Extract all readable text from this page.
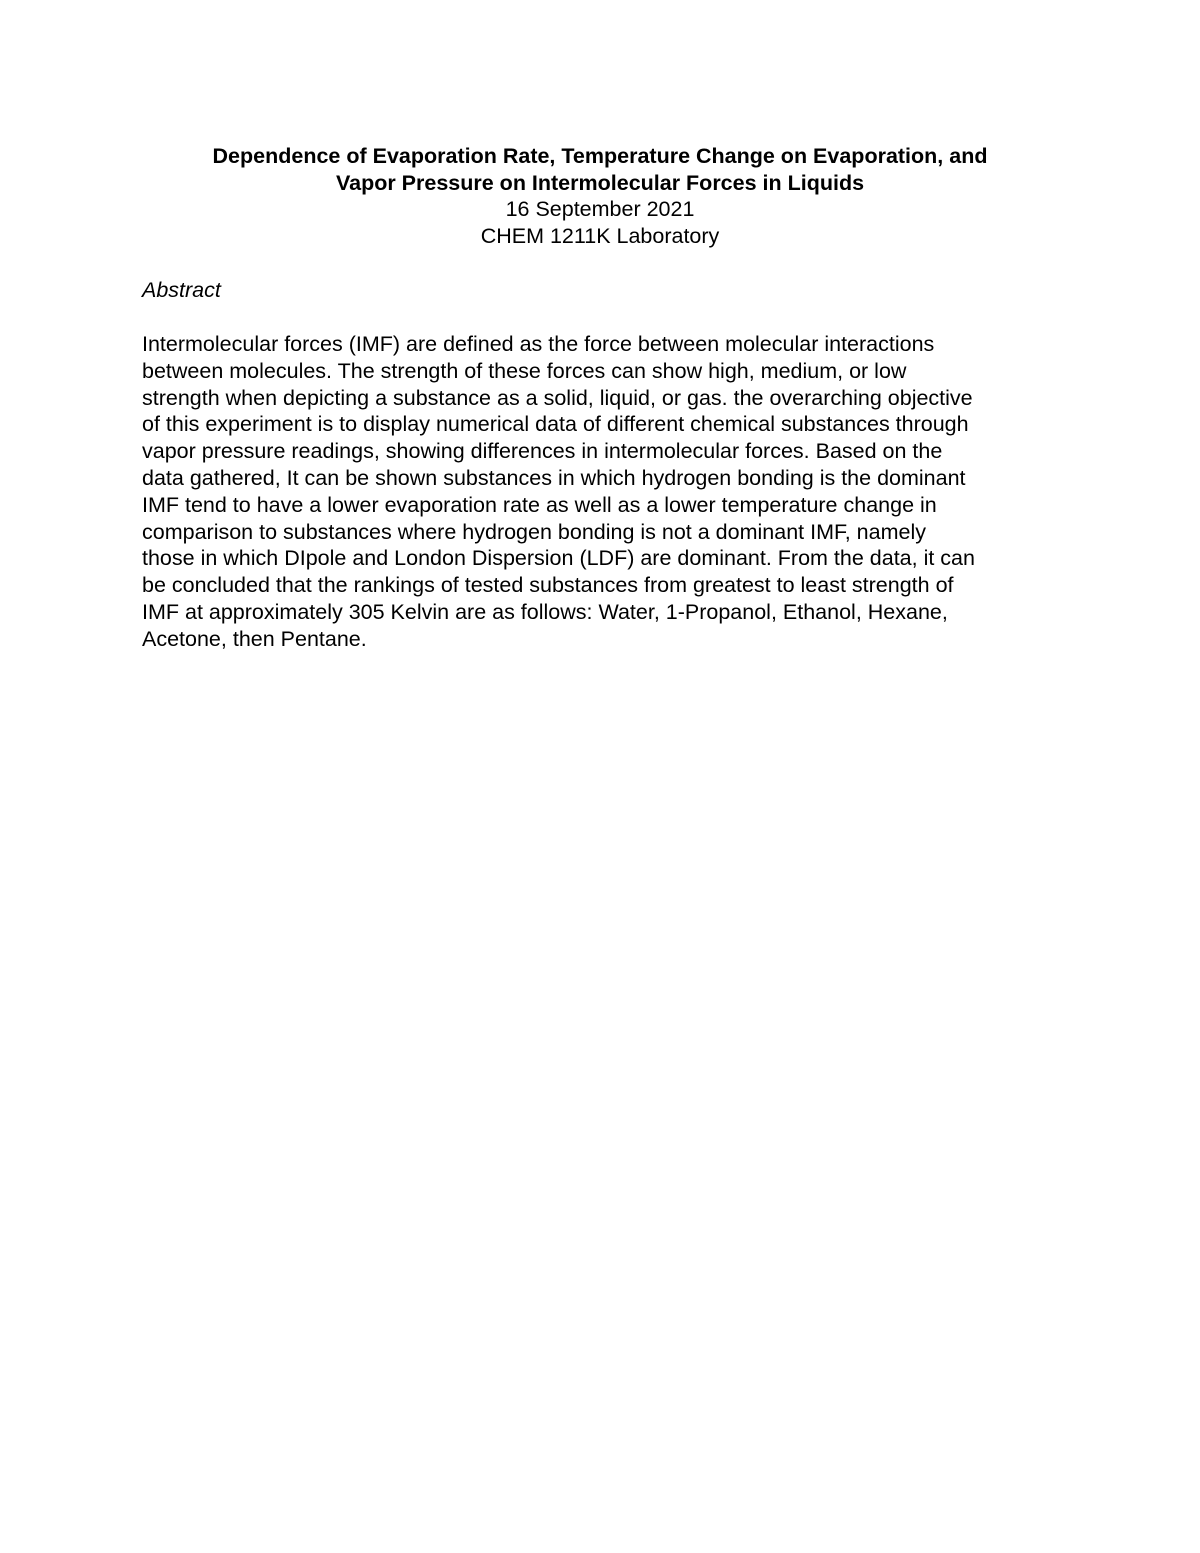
Dependence of Evaporation Rate, Temperature Change on Evaporation, and
Vapor Pressure on Intermolecular Forces in Liquids
16 September 2021
CHEM 1211K Laboratory
Abstract
Intermolecular forces (IMF) are defined as the force between molecular interactions
between molecules. The strength of these forces can show high, medium, or low
strength when depicting a substance as a solid, liquid, or gas. the overarching objective
of this experiment is to display numerical data of different chemical substances through
vapor pressure readings, showing differences in intermolecular forces. Based on the
data gathered, It can be shown substances in which hydrogen bonding is the dominant
IMF tend to have a lower evaporation rate as well as a lower temperature change in
comparison to substances where hydrogen bonding is not a dominant IMF, namely
those in which DIpole and London Dispersion (LDF) are dominant. From the data, it can
be concluded that the rankings of tested substances from greatest to least strength of
IMF at approximately 305 Kelvin are as follows: Water, 1-Propanol, Ethanol, Hexane,
Acetone, then Pentane.
